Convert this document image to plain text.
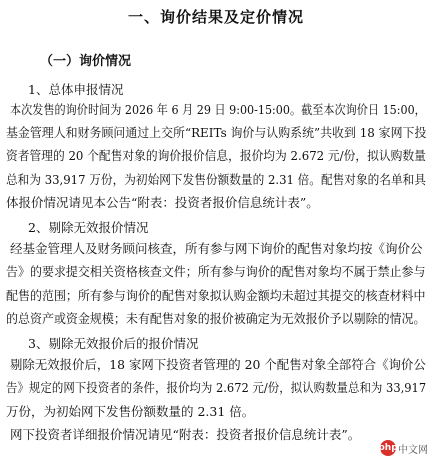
一、询价结果及定价情况
（一）询价情况
1、总体申报情况
本次发售的询价时间为 2026 年 6 月 29 日 9:00-15:00。截至本次询价日 15:00，
基金管理人和财务顾问通过上交所“REITs 询价与认购系统”共收到 18 家网下投
资者管理的 20 个配售对象的询价报价信息，报价均为 2.672 元/份，拟认购数量
总和为 33,917 万份，为初始网下发售份额数量的 2.31 倍。配售对象的名单和具
体报价情况请见本公告“附表：投资者报价信息统计表”。
2、剔除无效报价情况
经基金管理人及财务顾问核查，所有参与网下询价的配售对象均按《询价公
告》的要求提交相关资格核查文件；所有参与询价的配售对象均不属于禁止参与
配售的范围；所有参与询价的配售对象拟认购金额均未超过其提交的核查材料中
的总资产或资金规模；未有配售对象的报价被确定为无效报价予以剔除的情况。
3、剔除无效报价后的报价情况
剔除无效报价后，18 家网下投资者管理的 20 个配售对象全部符合《询价公
告》规定的网下投资者的条件，报价均为 2.672 元/份，拟认购数量总和为 33,917
万份，为初始网下发售份额数量的 2.31 倍。
网下投资者详细报价情况请见“附表：投资者报价信息统计表”。
php 中文网
